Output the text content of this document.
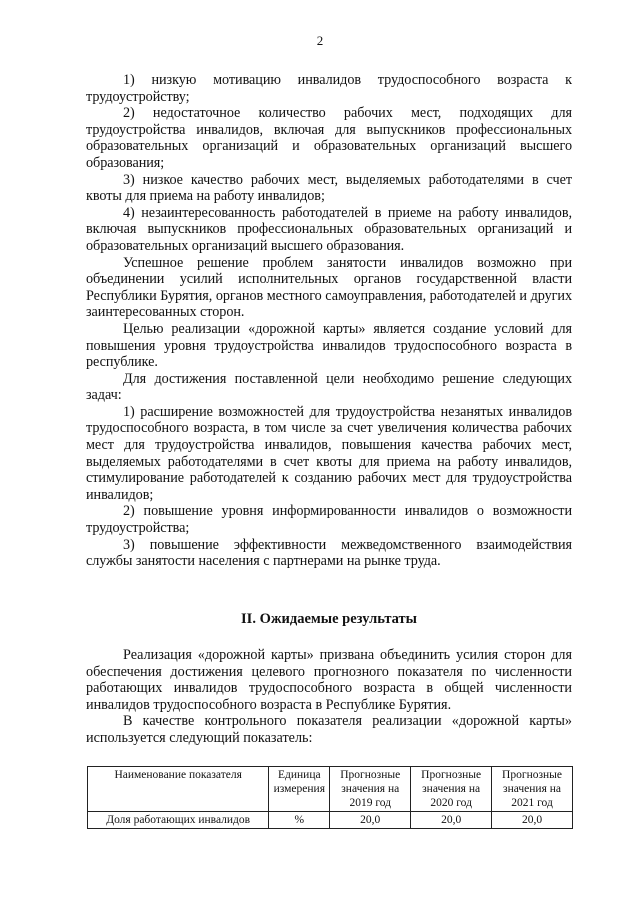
2

1) низкую мотивацию инвалидов трудоспособного возраста к трудоустройству;

2) недостаточное количество рабочих мест, подходящих для трудоустройства инвалидов, включая для выпускников профессиональных образовательных организаций и образовательных организаций высшего образования;

3) низкое качество рабочих мест, выделяемых работодателями в счет квоты для приема на работу инвалидов;

4) незаинтересованность работодателей в приеме на работу инвалидов, включая выпускников профессиональных образовательных организаций и образовательных организаций высшего образования.

Успешное решение проблем занятости инвалидов возможно при объединении усилий исполнительных органов государственной власти Республики Бурятия, органов местного самоуправления, работодателей и других заинтересованных сторон.

Целью реализации «дорожной карты» является создание условий для повышения уровня трудоустройства инвалидов трудоспособного возраста в республике.

Для достижения поставленной цели необходимо решение следующих задач:

1) расширение возможностей для трудоустройства незанятых инвалидов трудоспособного возраста, в том числе за счет увеличения количества рабочих мест для трудоустройства инвалидов, повышения качества рабочих мест, выделяемых работодателями в счет квоты для приема на работу инвалидов, стимулирование работодателей к созданию рабочих мест для трудоустройства инвалидов;

2) повышение уровня информированности инвалидов о возможности трудоустройства;

3) повышение эффективности межведомственного взаимодействия службы занятости населения с партнерами на рынке труда.

II. Ожидаемые результаты

Реализация «дорожной карты» призвана объединить усилия сторон для обеспечения достижения целевого прогнозного показателя по численности работающих инвалидов трудоспособного возраста в общей численности инвалидов трудоспособного возраста в Республике Бурятия.

В качестве контрольного показателя реализации «дорожной карты» используется следующий показатель:

Наименование показателя	Единица измерения	Прогнозные значения на 2019 год	Прогнозные значения на 2020 год	Прогнозные значения на 2021 год
Доля работающих инвалидов	%	20,0	20,0	20,0
